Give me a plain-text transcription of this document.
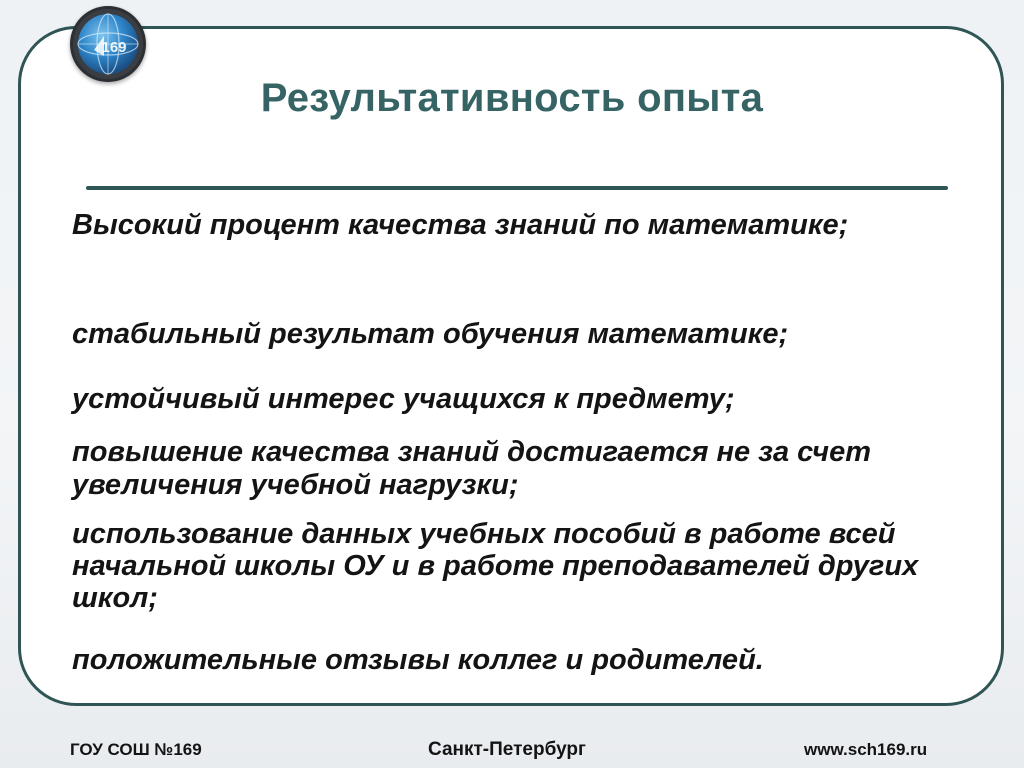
169
Результативность опыта

Высокий процент качества знаний по математике;

стабильный результат обучения математике;

устойчивый интерес учащихся к предмету;

повышение качества знаний достигается не за счет увеличения учебной нагрузки;

использование данных учебных пособий в работе всей начальной школы ОУ и в работе преподавателей других школ;

положительные отзывы коллег и родителей.

ГОУ СОШ №169	Санкт-Петербург	www.sch169.ru
